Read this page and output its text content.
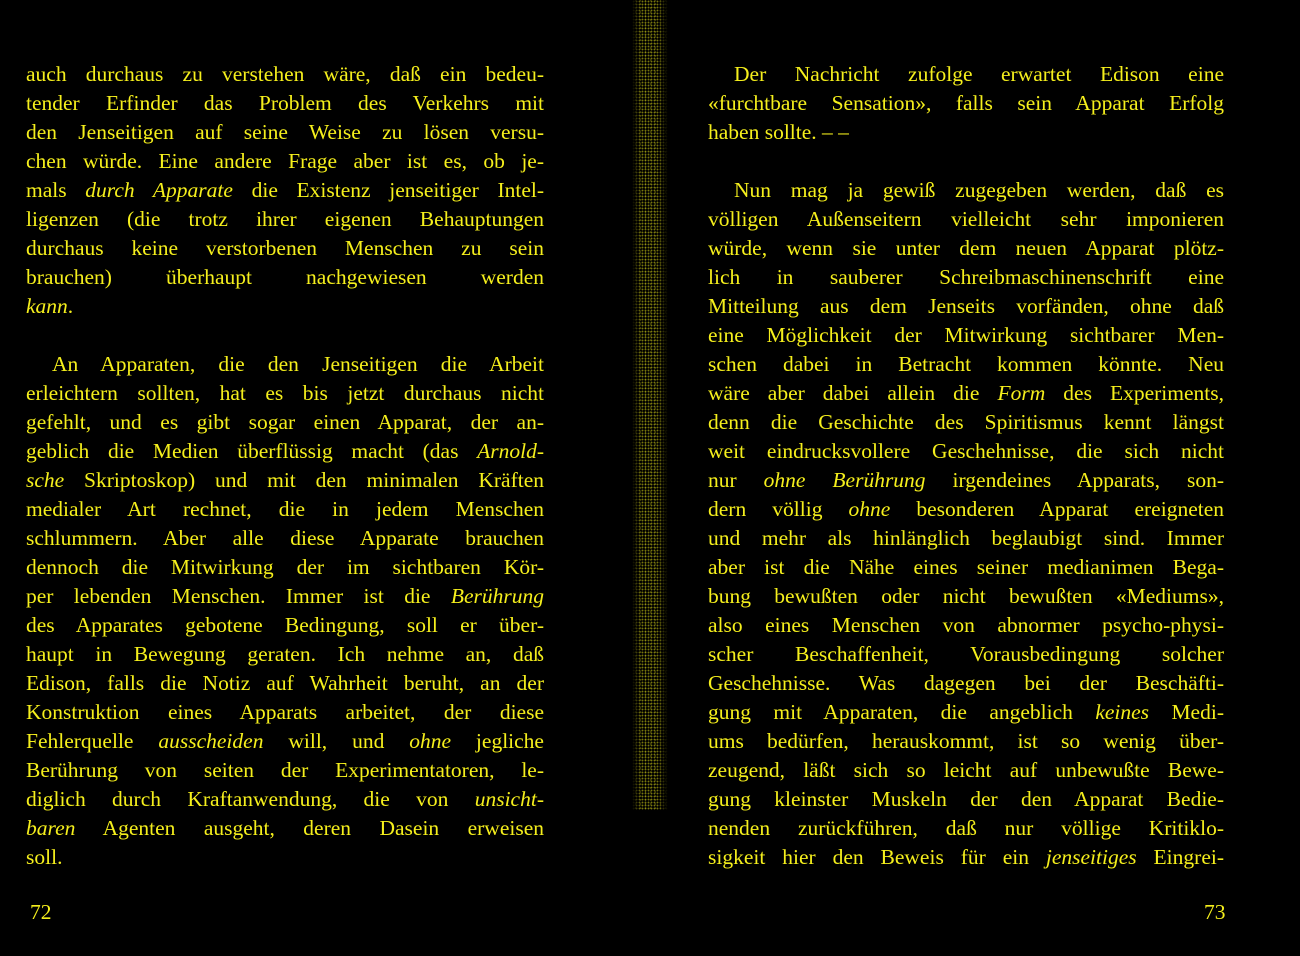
auch durchaus zu verstehen wäre, daß ein bedeu-
tender Erfinder das Problem des Verkehrs mit
den Jenseitigen auf seine Weise zu lösen versu-
chen würde. Eine andere Frage aber ist es, ob je-
mals durch Apparate die Existenz jenseitiger Intel-
ligenzen (die trotz ihrer eigenen Behauptungen
durchaus keine verstorbenen Menschen zu sein
brauchen) überhaupt nachgewiesen werden
kann.
An Apparaten, die den Jenseitigen die Arbeit
erleichtern sollten, hat es bis jetzt durchaus nicht
gefehlt, und es gibt sogar einen Apparat, der an-
geblich die Medien überflüssig macht (das Arnold-
sche Skriptoskop) und mit den minimalen Kräften
medialer Art rechnet, die in jedem Menschen
schlummern. Aber alle diese Apparate brauchen
dennoch die Mitwirkung der im sichtbaren Kör-
per lebenden Menschen. Immer ist die Berührung
des Apparates gebotene Bedingung, soll er über-
haupt in Bewegung geraten. Ich nehme an, daß
Edison, falls die Notiz auf Wahrheit beruht, an der
Konstruktion eines Apparats arbeitet, der diese
Fehlerquelle ausscheiden will, und ohne jegliche
Berührung von seiten der Experimentatoren, le-
diglich durch Kraftanwendung, die von unsicht-
baren Agenten ausgeht, deren Dasein erweisen
soll.
72
Der Nachricht zufolge erwartet Edison eine
«furchtbare Sensation», falls sein Apparat Erfolg
haben sollte. – –
Nun mag ja gewiß zugegeben werden, daß es
völligen Außenseitern vielleicht sehr imponieren
würde, wenn sie unter dem neuen Apparat plötz-
lich in sauberer Schreibmaschinenschrift eine
Mitteilung aus dem Jenseits vorfänden, ohne daß
eine Möglichkeit der Mitwirkung sichtbarer Men-
schen dabei in Betracht kommen könnte. Neu
wäre aber dabei allein die Form des Experiments,
denn die Geschichte des Spiritismus kennt längst
weit eindrucksvollere Geschehnisse, die sich nicht
nur ohne Berührung irgendeines Apparats, son-
dern völlig ohne besonderen Apparat ereigneten
und mehr als hinlänglich beglaubigt sind. Immer
aber ist die Nähe eines seiner medianimen Bega-
bung bewußten oder nicht bewußten «Mediums»,
also eines Menschen von abnormer psycho-physi-
scher Beschaffenheit, Vorausbedingung solcher
Geschehnisse. Was dagegen bei der Beschäfti-
gung mit Apparaten, die angeblich keines Medi-
ums bedürfen, herauskommt, ist so wenig über-
zeugend, läßt sich so leicht auf unbewußte Bewe-
gung kleinster Muskeln der den Apparat Bedie-
nenden zurückführen, daß nur völlige Kritiklo-
sigkeit hier den Beweis für ein jenseitiges Eingrei-
73
